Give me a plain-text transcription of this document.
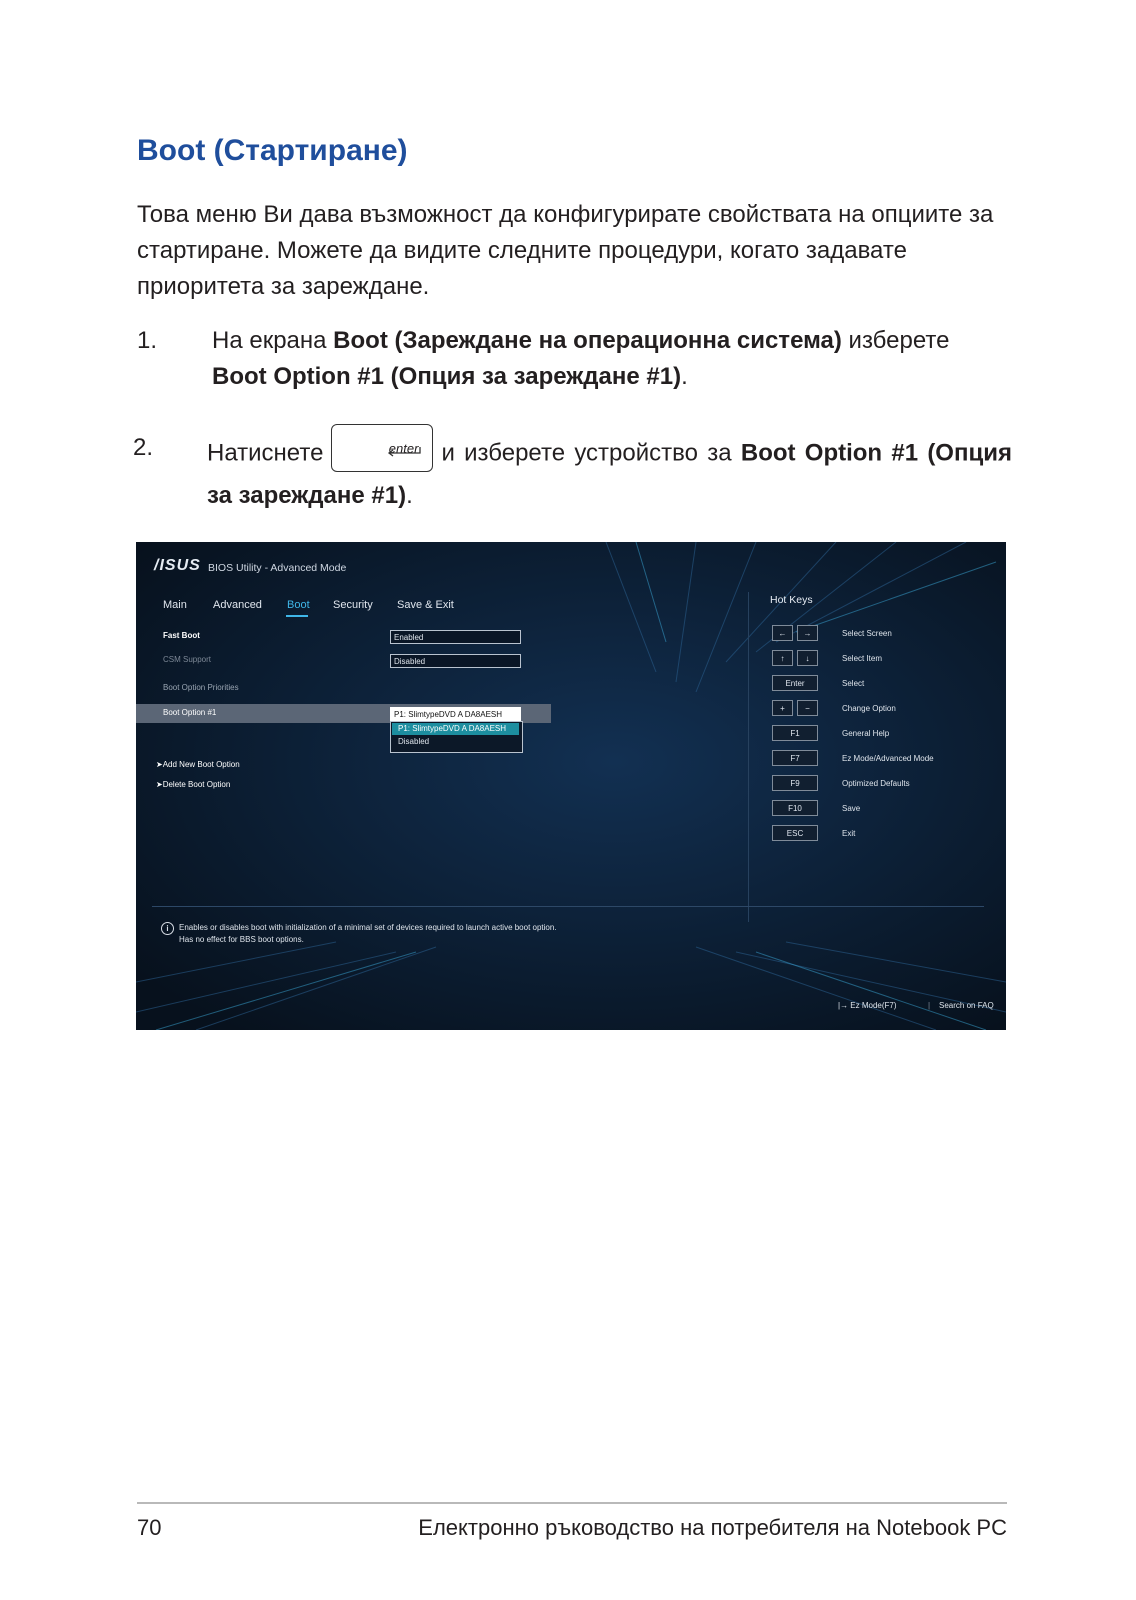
Boot (Стартиране)
Това меню Ви дава възможност да конфигурирате свойствата на опциите за стартиране. Можете да видите следните процедури, когато задавате приоритета за зареждане.
1. На екрана Boot (Зареждане на операционна система) изберете Boot Option #1 (Опция за зареждане #1).
2. Натиснете	enter и изберете устройство за Boot Option #1 (Опция за зареждане #1).
/ISUS BIOS Utility - Advanced Mode
Main Advanced Boot Security Save & Exit
Fast Boot	Enabled
CSM Support	Disabled
Boot Option Priorities
Boot Option #1	P1: SlimtypeDVD A DA8AESH
P1: SlimtypeDVD A DA8AESH
Disabled
➤Add New Boot Option
➤Delete Boot Option
Hot Keys
←	→	Select Screen
↑	↓	Select Item
Enter	Select
+	−	Change Option
F1	General Help
F7	Ez Mode/Advanced Mode
F9	Optimized Defaults
F10	Save
ESC	Exit
i	Enables or disables boot with initialization of a minimal set of devices required to launch active boot option. Has no effect for BBS boot options.
|→ Ez Mode(F7)	| Search on FAQ
70	Електронно ръководство на потребителя на Notebook PC
